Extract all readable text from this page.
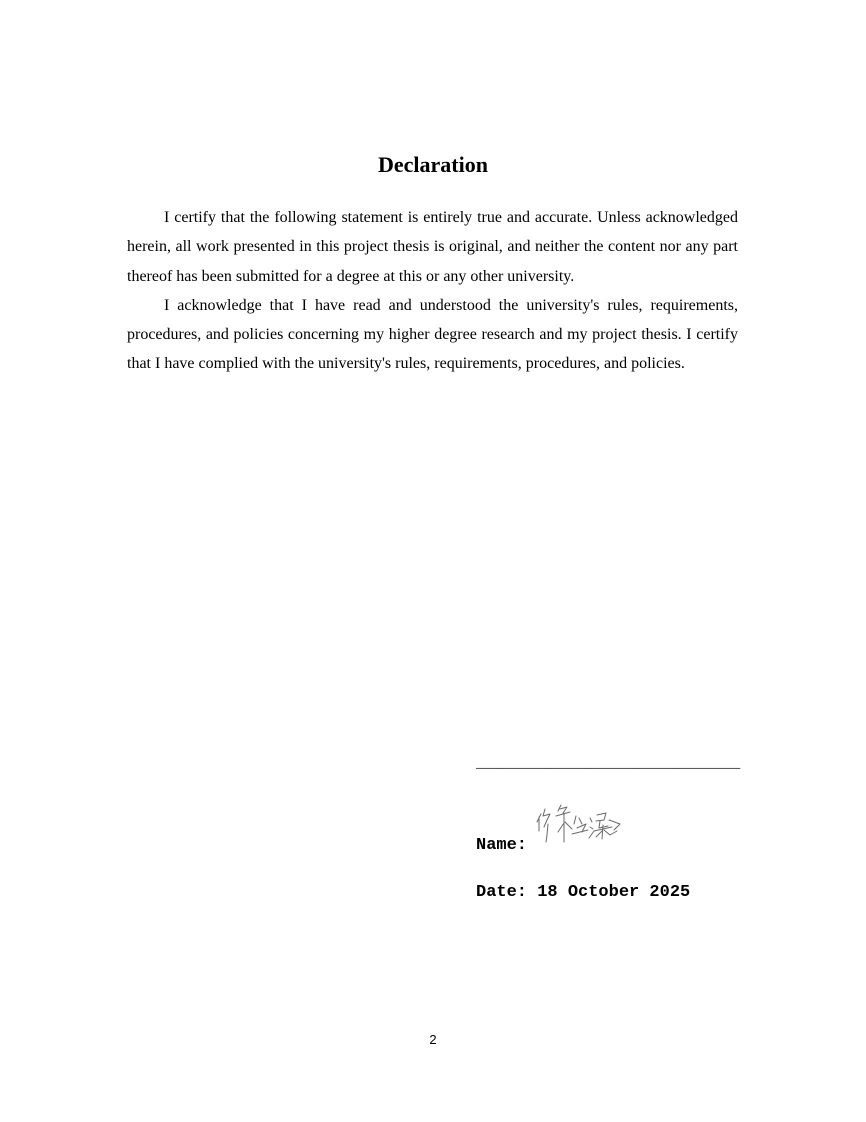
Declaration

I certify that the following statement is entirely true and accurate. Unless acknowledged herein, all work presented in this project thesis is original, and neither the content nor any part thereof has been submitted for a degree at this or any other university.

I acknowledge that I have read and understood the university's rules, requirements, procedures, and policies concerning my higher degree research and my project thesis. I certify that I have complied with the university's rules, requirements, procedures, and policies.

______________________________
Name:
Date: 18 October 2025
2
